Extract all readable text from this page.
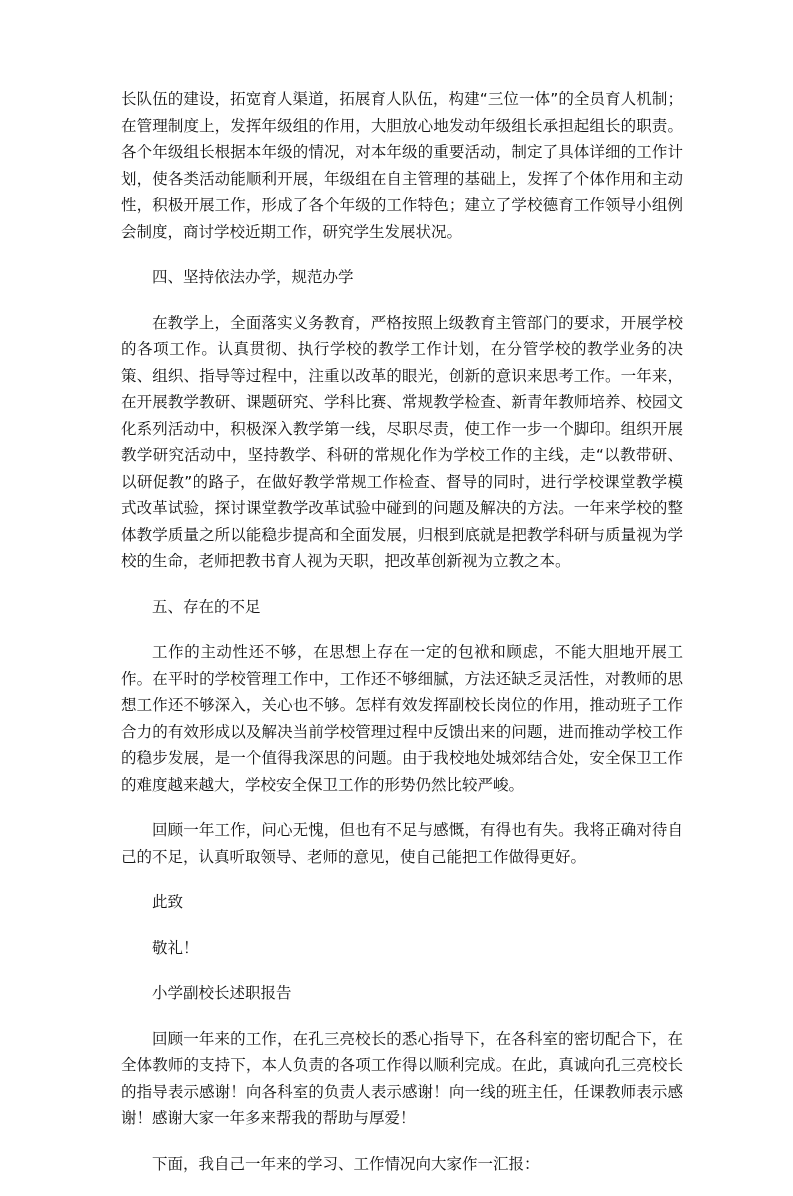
长队伍的建设，拓宽育人渠道，拓展育人队伍，构建“三位一体”的全员育人机制；在管理制度上，发挥年级组的作用，大胆放心地发动年级组长承担起组长的职责。各个年级组长根据本年级的情况，对本年级的重要活动，制定了具体详细的工作计划，使各类活动能顺利开展，年级组在自主管理的基础上，发挥了个体作用和主动性，积极开展工作，形成了各个年级的工作特色；建立了学校德育工作领导小组例会制度，商讨学校近期工作，研究学生发展状况。

四、坚持依法办学，规范办学

在教学上，全面落实义务教育，严格按照上级教育主管部门的要求，开展学校的各项工作。认真贯彻、执行学校的教学工作计划，在分管学校的教学业务的决策、组织、指导等过程中，注重以改革的眼光，创新的意识来思考工作。一年来，在开展教学教研、课题研究、学科比赛、常规教学检查、新青年教师培养、校园文化系列活动中，积极深入教学第一线，尽职尽责，使工作一步一个脚印。组织开展教学研究活动中，坚持教学、科研的常规化作为学校工作的主线，走“以教带研、以研促教”的路子，在做好教学常规工作检查、督导的同时，进行学校课堂教学模式改革试验，探讨课堂教学改革试验中碰到的问题及解决的方法。一年来学校的整体教学质量之所以能稳步提高和全面发展，归根到底就是把教学科研与质量视为学校的生命，老师把教书育人视为天职，把改革创新视为立教之本。

五、存在的不足

工作的主动性还不够，在思想上存在一定的包袱和顾虑，不能大胆地开展工作。在平时的学校管理工作中，工作还不够细腻，方法还缺乏灵活性，对教师的思想工作还不够深入，关心也不够。怎样有效发挥副校长岗位的作用，推动班子工作合力的有效形成以及解决当前学校管理过程中反馈出来的问题，进而推动学校工作的稳步发展，是一个值得我深思的问题。由于我校地处城郊结合处，安全保卫工作的难度越来越大，学校安全保卫工作的形势仍然比较严峻。

回顾一年工作，问心无愧，但也有不足与感慨，有得也有失。我将正确对待自己的不足，认真听取领导、老师的意见，使自己能把工作做得更好。

此致

敬礼！

小学副校长述职报告

回顾一年来的工作，在孔三亮校长的悉心指导下，在各科室的密切配合下，在全体教师的支持下，本人负责的各项工作得以顺利完成。在此，真诚向孔三亮校长的指导表示感谢！向各科室的负责人表示感谢！向一线的班主任，任课教师表示感谢！感谢大家一年多来帮我的帮助与厚爱！

下面，我自己一年来的学习、工作情况向大家作一汇报：
